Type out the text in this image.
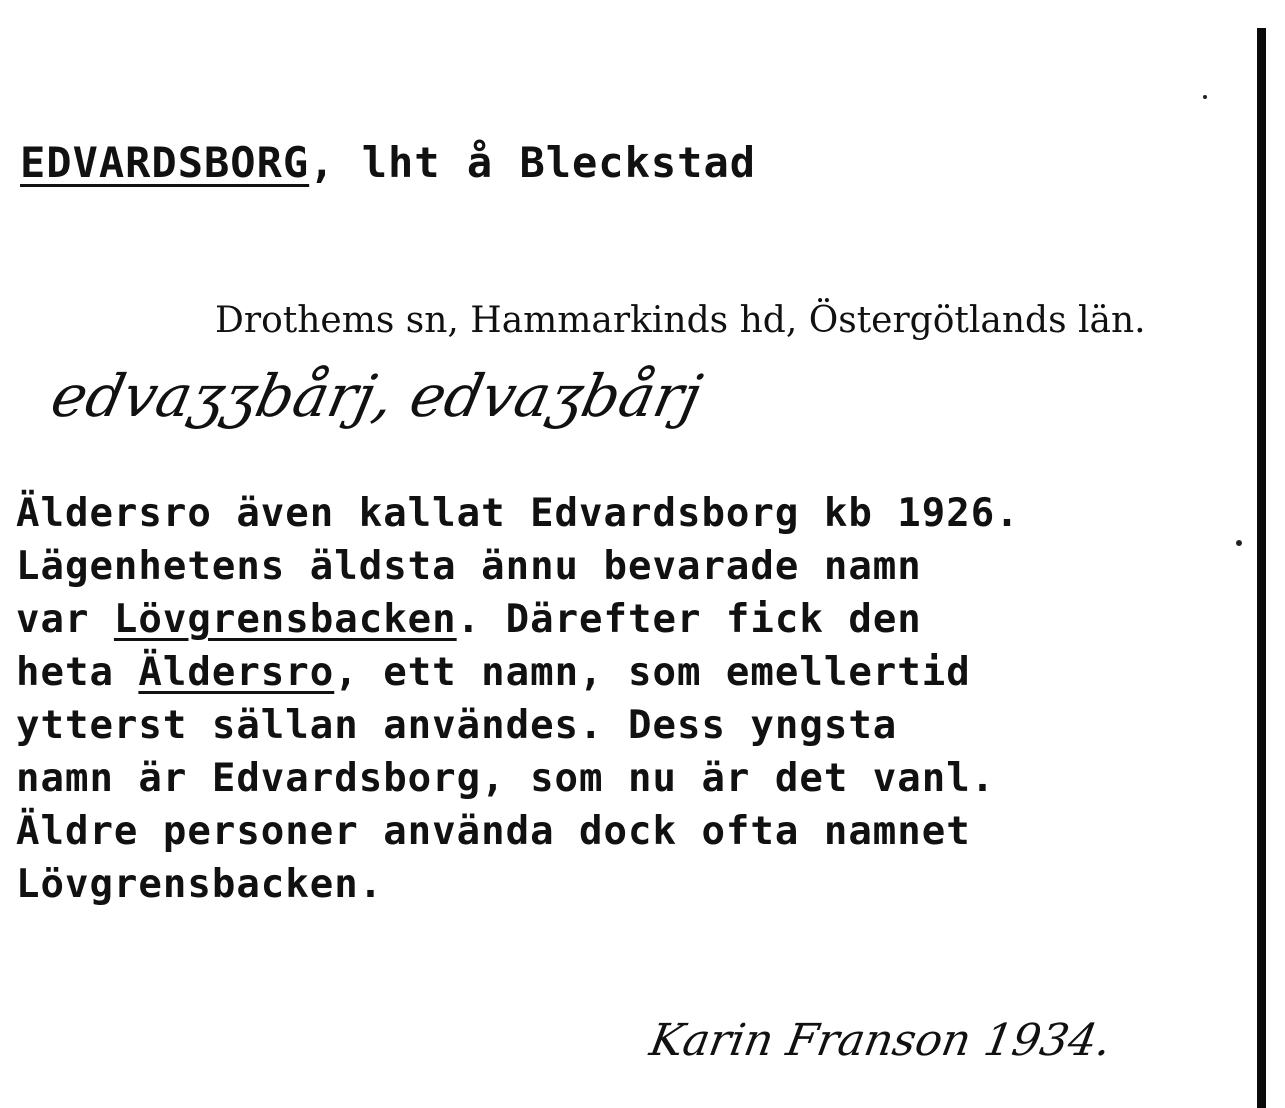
EDVARDSBORG, lht å Bleckstad
Drothems sn, Hammarkinds hd, Östergötlands län.
edvaʒʒbårj, edvaʒbårj
Äldersro även kallat Edvardsborg kb 1926.
Lägenhetens äldsta ännu bevarade namn
var Lövgrensbacken. Därefter fick den
heta Äldersro, ett namn, som emellertid
ytterst sällan användes. Dess yngsta
namn är Edvardsborg, som nu är det vanl.
Äldre personer använda dock ofta namnet
Lövgrensbacken.
Karin Franson 1934.
